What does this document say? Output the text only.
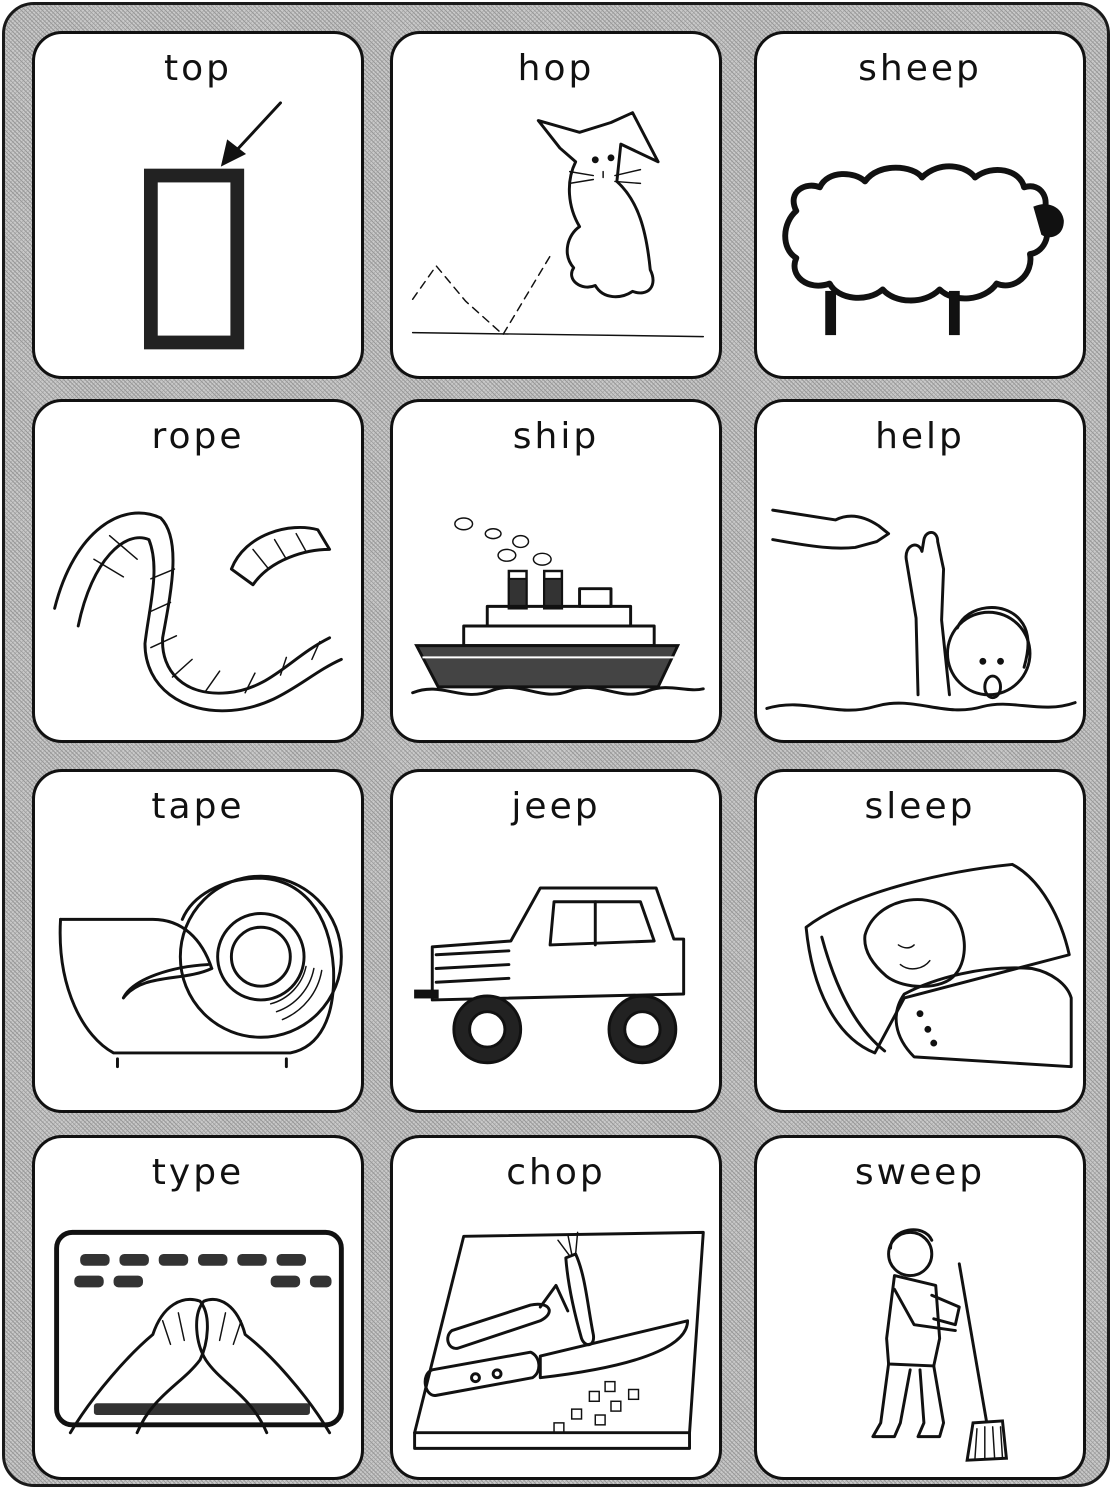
top	hop	sheep
rope	ship	help
tape	jeep	sleep
type	chop	sweep
